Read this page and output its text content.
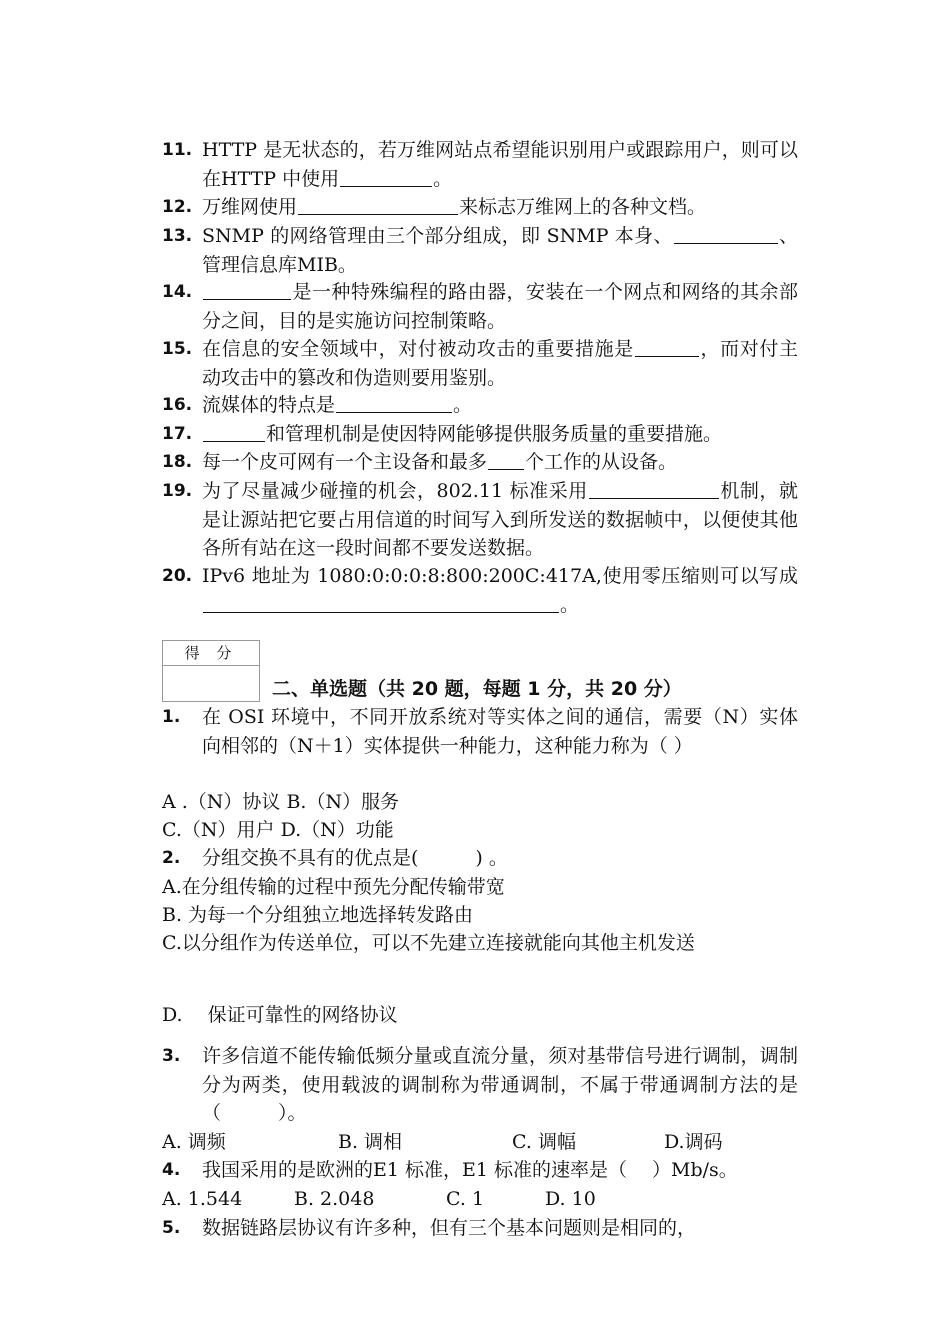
11. HTTP 是无状态的，若万维网站点希望能识别用户或跟踪用户，则可以在HTTP 中使用	。
12. 万维网使用	来标志万维网上的各种文档。
13. SNMP 的网络管理由三个部分组成，即 SNMP 本身、	、管理信息库MIB。
14.	是一种特殊编程的路由器，安装在一个网点和网络的其余部分之间，目的是实施访问控制策略。
15. 在信息的安全领域中，对付被动攻击的重要措施是	，而对付主动攻击中的篡改和伪造则要用鉴别。
16. 流媒体的特点是	。
17.	和管理机制是使因特网能够提供服务质量的重要措施。
18. 每一个皮可网有一个主设备和最多 个工作的从设备。
19. 为了尽量减少碰撞的机会，802.11 标准采用	机制，就是让源站把它要占用信道的时间写入到所发送的数据帧中，以便使其他各所有站在这一段时间都不要发送数据。
20. IPv6 地址为 1080:0:0:0:8:800:200C:417A,使用零压缩则可以写成。
得 分
二、单选题（共 20 题，每题 1 分，共 20 分）
1.	在 OSI 环境中，不同开放系统对等实体之间的通信，需要（N）实体向相邻的（N＋1）实体提供一种能力，这种能力称为（ ）
A .（N）协议 B.（N）服务
C.（N）用户 D.（N）功能
2.	分组交换不具有的优点是(　　　) 。
A.在分组传输的过程中预先分配传输带宽
B. 为每一个分组独立地选择转发路由
C.以分组作为传送单位，可以不先建立连接就能向其他主机发送
D.　 保证可靠性的网络协议
3.	许多信道不能传输低频分量或直流分量，须对基带信号进行调制，调制分为两类，使用载波的调制称为带通调制，不属于带通调制方法的是（　　　）。
A. 调频	B. 调相	C. 调幅	D.调码
4.	我国采用的是欧洲的E1 标准，E1 标准的速率是（　 ）Mb/s。
A. 1.544	B. 2.048	C. 1	D. 10
5.	数据链路层协议有许多种，但有三个基本问题则是相同的，
